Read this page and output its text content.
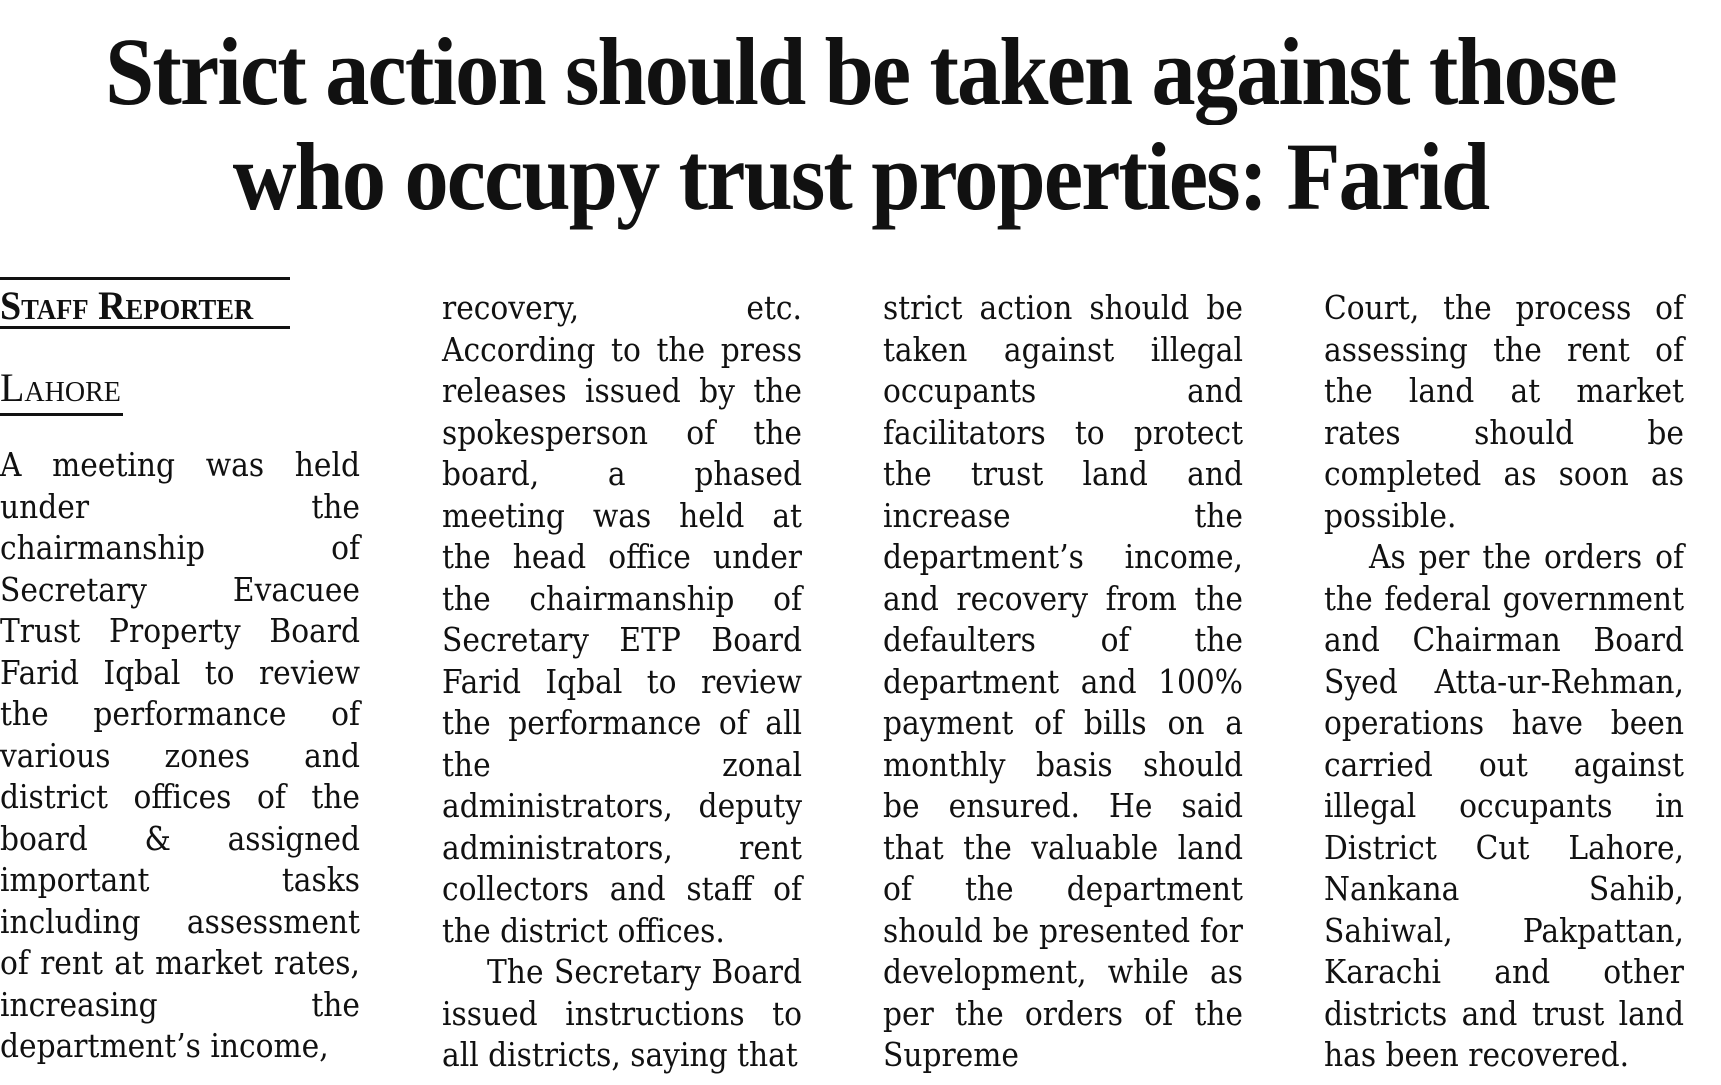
Strict action should be taken against those
who occupy trust properties: Farid
Staff Reporter
Lahore

A meeting was held under the chairmanship of Secretary Evacuee Trust Property Board Farid Iqbal to review the performance of various zones and district offices of the board & assigned important tasks including assessment of rent at market rates, increasing the department’s income,

recovery, etc. According to the press releases issued by the spokesperson of the board, a phased meeting was held at the head office under the chairmanship of Secretary ETP Board Farid Iqbal to review the performance of all the zonal administrators, deputy administrators, rent collectors and staff of the district offices.

The Secretary Board issued instructions to all districts, saying that

strict action should be taken against illegal occupants and facilitators to protect the trust land and increase the department’s income, and recovery from the defaulters of the department and 100% payment of bills on a monthly basis should be ensured. He said that the valuable land of the department should be presented for development, while as per the orders of the Supreme

Court, the process of assessing the rent of the land at market rates should be completed as soon as possible.

As per the orders of the federal government and Chairman Board Syed Atta-ur-Rehman, operations have been carried out against illegal occupants in District Cut Lahore, Nankana Sahib, Sahiwal, Pakpattan, Karachi and other districts and trust land has been recovered.
